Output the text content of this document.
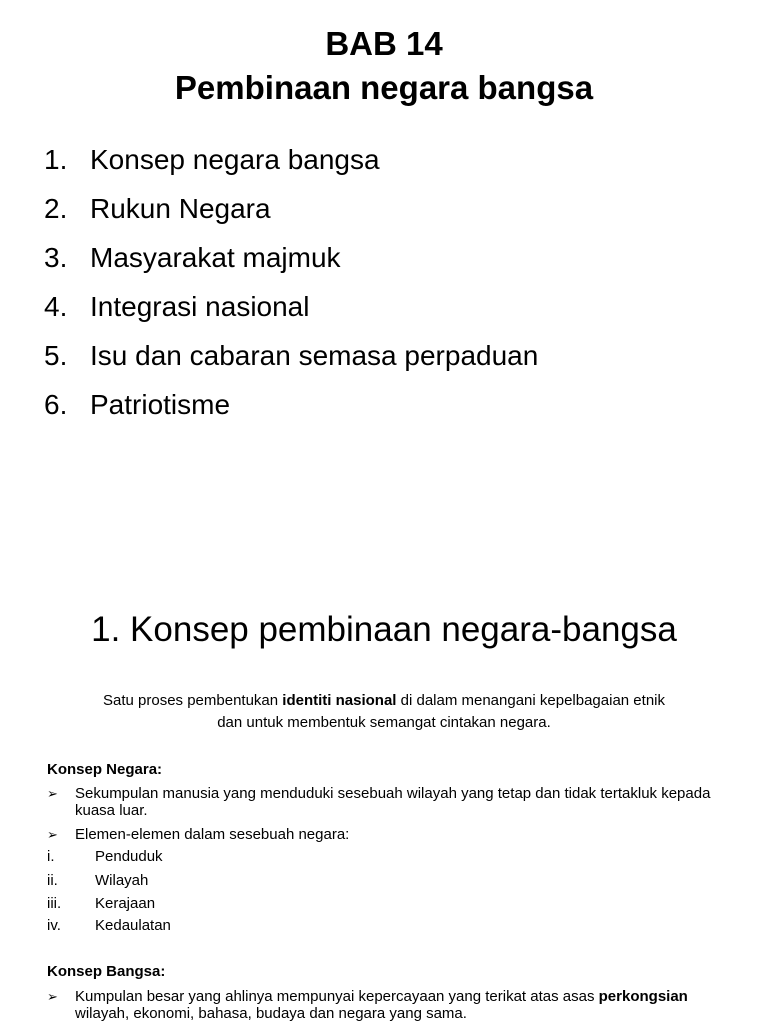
BAB 14
Pembinaan negara bangsa
1. Konsep negara bangsa
2. Rukun Negara
3. Masyarakat majmuk
4. Integrasi nasional
5. Isu dan cabaran semasa perpaduan
6. Patriotisme
1. Konsep pembinaan negara-bangsa
Satu proses pembentukan identiti nasional di dalam menangani kepelbagaian etnik
dan untuk membentuk semangat cintakan negara.
Konsep Negara:
➢	Sekumpulan manusia yang menduduki sesebuah wilayah yang tetap dan tidak tertakluk kepada kuasa luar.
➢	Elemen-elemen dalam sesebuah negara:
i.	Penduduk
ii.	Wilayah
iii.	Kerajaan
iv.	Kedaulatan
Konsep Bangsa:
➢	Kumpulan besar yang ahlinya mempunyai kepercayaan yang terikat atas asas perkongsian wilayah, ekonomi, bahasa, budaya dan negara yang sama.
